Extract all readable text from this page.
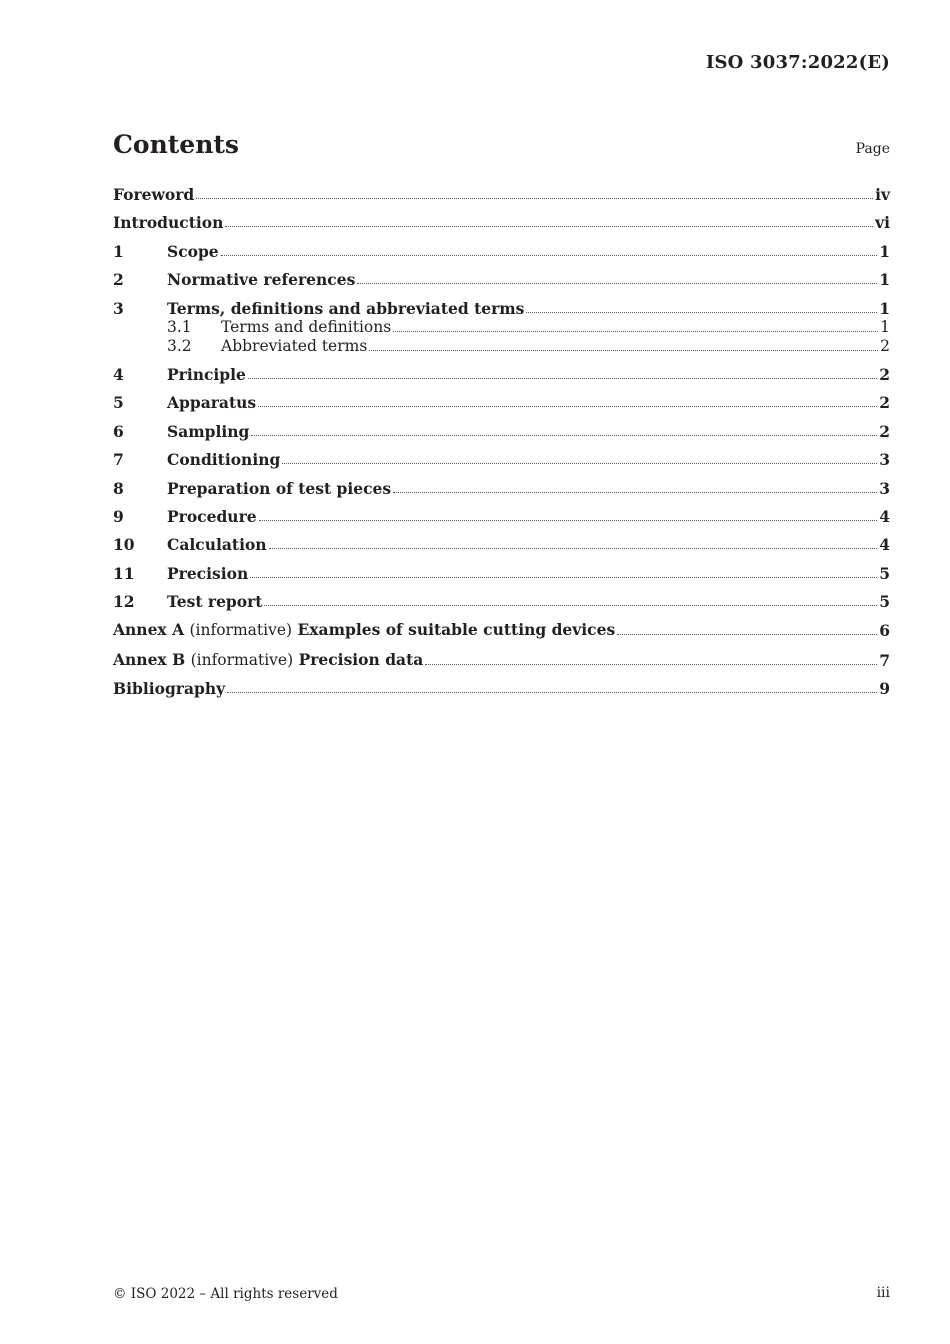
ISO 3037:2022(E)
Contents	Page
Foreword	iv
Introduction	vi
1	Scope	1
2	Normative references	1
3	Terms, definitions and abbreviated terms	1
3.1	Terms and definitions	1
3.2	Abbreviated terms	2
4	Principle	2
5	Apparatus	2
6	Sampling	2
7	Conditioning	3
8	Preparation of test pieces	3
9	Procedure	4
10	Calculation	4
11	Precision	5
12	Test report	5
Annex A (informative) Examples of suitable cutting devices	6
Annex B (informative) Precision data	7
Bibliography	9
© ISO 2022 – All rights reserved	iii
